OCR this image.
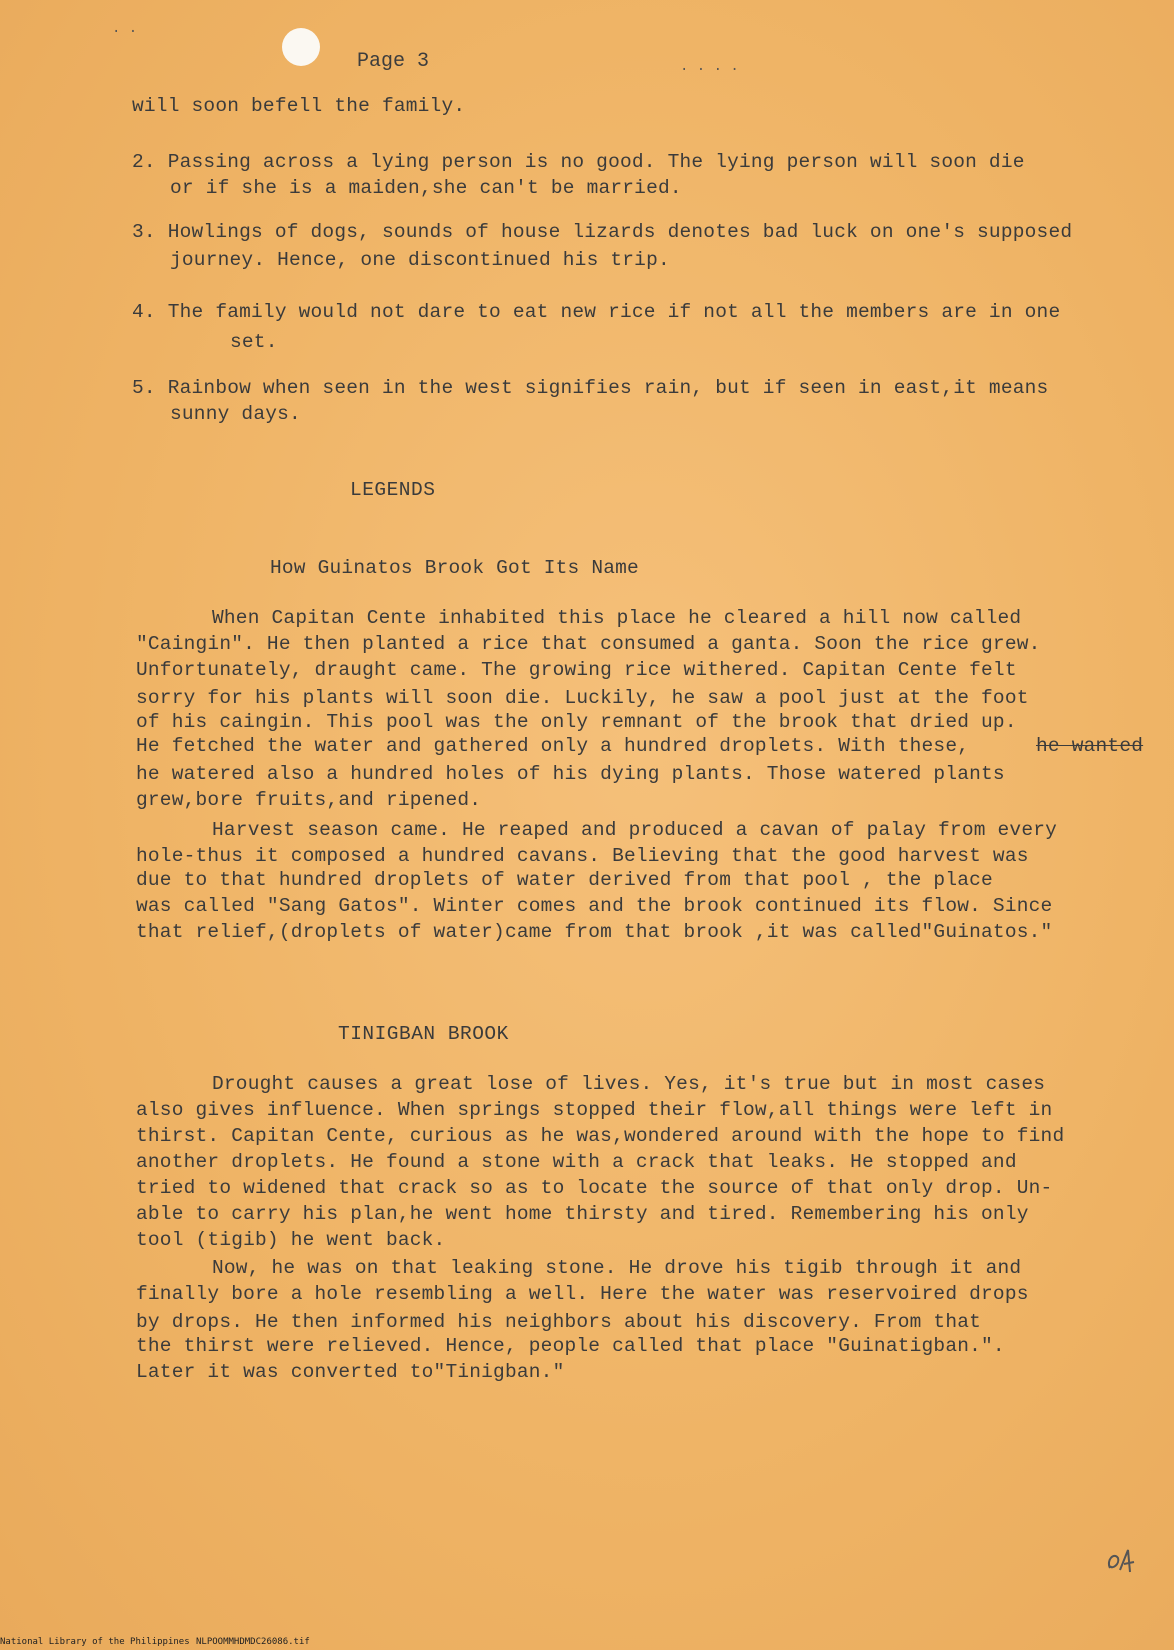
· ·
· · · ·
Page 3
will soon befell the family.
2. Passing across a lying person is no good. The lying person will soon die
or if she is a maiden,she can't be married.
3. Howlings of dogs, sounds of house lizards denotes bad luck on one's supposed
journey. Hence, one discontinued his trip.
4. The family would not dare to eat new rice if not all the members are in one
set.
5. Rainbow when seen in the west signifies rain, but if seen in east,it means
sunny days.
LEGENDS
How Guinatos Brook Got Its Name
When Capitan Cente inhabited this place he cleared a hill now called
"Caingin". He then planted a rice that consumed a ganta. Soon the rice grew.
Unfortunately, draught came. The growing rice withered. Capitan Cente felt
sorry for his plants will soon die. Luckily, he saw a pool just at the foot
of his caingin. This pool was the only remnant of the brook that dried up.
He fetched the water and gathered only a hundred droplets. With these,	he wanted
he watered also a hundred holes of his dying plants. Those watered plants
grew,bore fruits,and ripened.
Harvest season came. He reaped and produced a cavan of palay from every
hole-thus it composed a hundred cavans. Believing that the good harvest was
due to that hundred droplets of water derived from that pool , the place
was called "Sang Gatos". Winter comes and the brook continued its flow. Since
that relief,(droplets of water)came from that brook ,it was called"Guinatos."
TINIGBAN BROOK
Drought causes a great lose of lives. Yes, it's true but in most cases
also gives influence. When springs stopped their flow,all things were left in
thirst. Capitan Cente, curious as he was,wondered around with the hope to find
another droplets. He found a stone with a crack that leaks. He stopped and
tried to widened that crack so as to locate the source of that only drop. Un-
able to carry his plan,he went home thirsty and tired. Remembering his only
tool (tigib) he went back.
Now, he was on that leaking stone. He drove his tigib through it and
finally bore a hole resembling a well. Here the water was reservoired drops
by drops. He then informed his neighbors about his discovery. From that
the thirst were relieved. Hence, people called that place "Guinatigban.".
Later it was converted to"Tinigban."
National Library of the Philippines NLPOOMMHDMDC26086.tif
